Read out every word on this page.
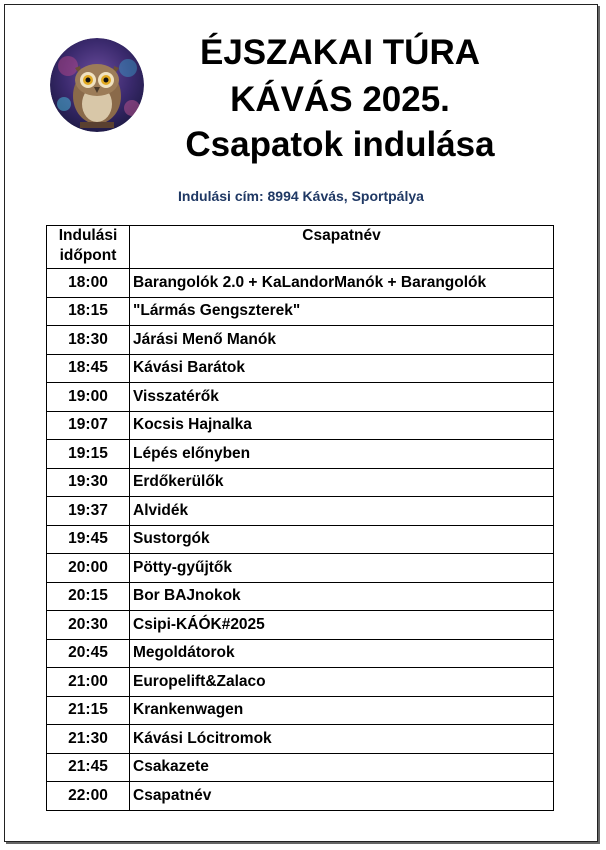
ÉJSZAKAI TÚRA
KÁVÁS 2025.
Csapatok indulása
Indulási cím: 8994 Kávás, Sportpálya
Indulási időpont	Csapatnév
18:00	Barangolók 2.0 + KaLandorManók + Barangolók
18:15	"Lármás Gengszterek"
18:30	Járási Menő Manók
18:45	Kávási Barátok
19:00	Visszatérők
19:07	Kocsis Hajnalka
19:15	Lépés előnyben
19:30	Erdőkerülők
19:37	Alvidék
19:45	Sustorgók
20:00	Pötty-gyűjtők
20:15	Bor BAJnokok
20:30	Csipi-KÁÓK#2025
20:45	Megoldátorok
21:00	Europelift&Zalaco
21:15	Krankenwagen
21:30	Kávási Lócitromok
21:45	Csakazete
22:00	Csapatnév
